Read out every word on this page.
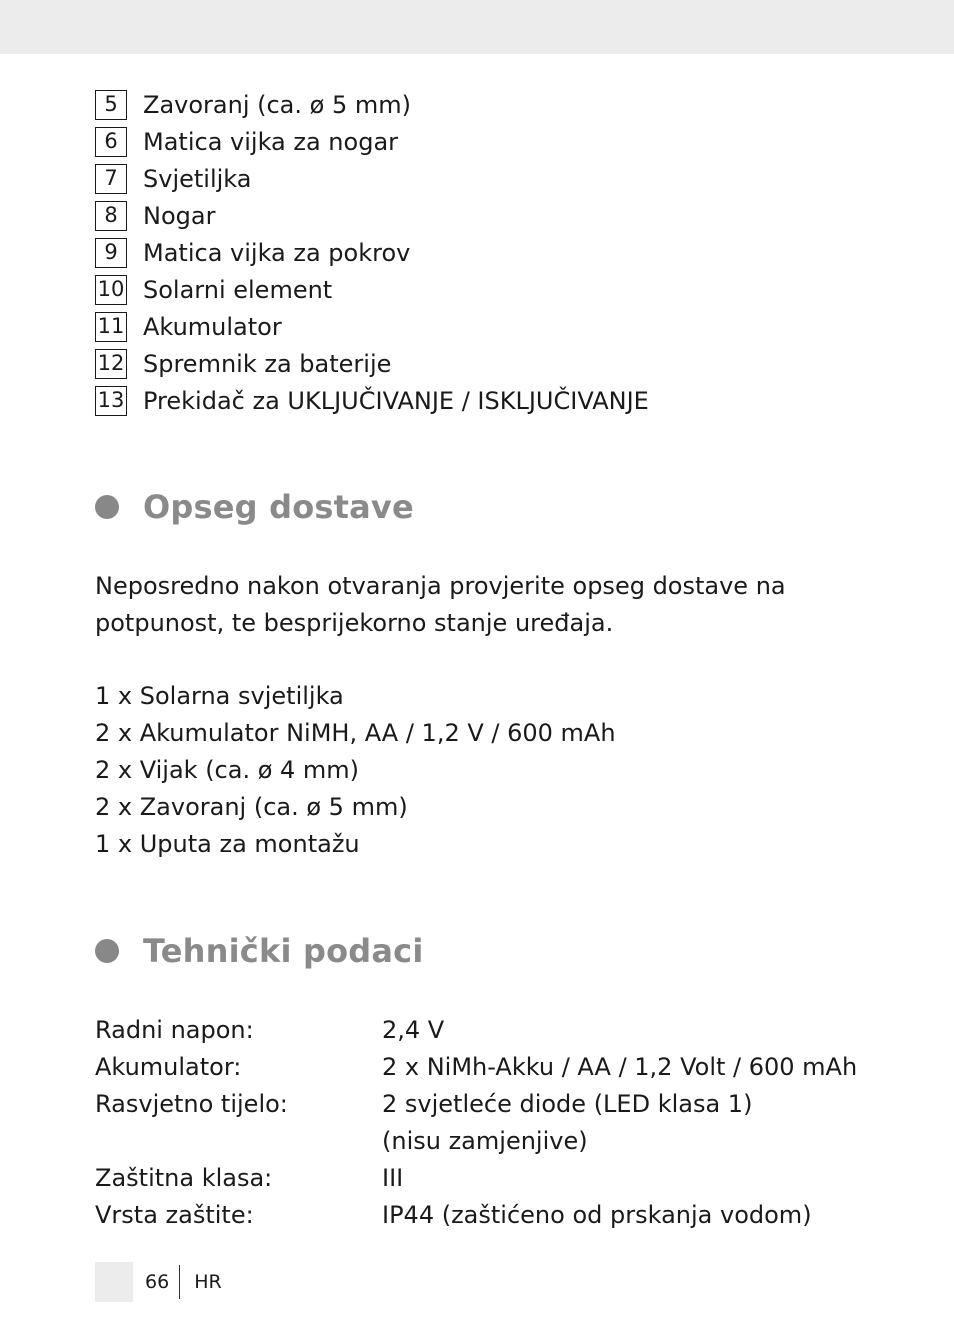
5	Zavoranj (ca. ø 5 mm)
6	Matica vijka za nogar
7	Svjetiljka
8	Nogar
9	Matica vijka za pokrov
10 Solarni element
11 Akumulator
12 Spremnik za baterije
13 Prekidač za UKLJUČIVANJE / ISKLJUČIVANJE
Opseg dostave

Neposredno nakon otvaranja provjerite opseg dostave na potpunost, te besprijekorno stanje uređaja.

1 x Solarna svjetiljka
2 x Akumulator NiMH, AA / 1,2 V / 600 mAh
2 x Vijak (ca. ø 4 mm)
2 x Zavoranj (ca. ø 5 mm)
1 x Uputa za montažu
Tehnički podaci
Radni napon:	2,4 V
Akumulator:	2 x NiMh-Akku / AA / 1,2 Volt / 600 mAh
Rasvjetno tijelo:	2 svjetleće diode (LED klasa 1)
(nisu zamjenjive)
Zaštitna klasa:	III
Vrsta zaštite:	IP44 (zaštićeno od prskanja vodom)
66 HR
